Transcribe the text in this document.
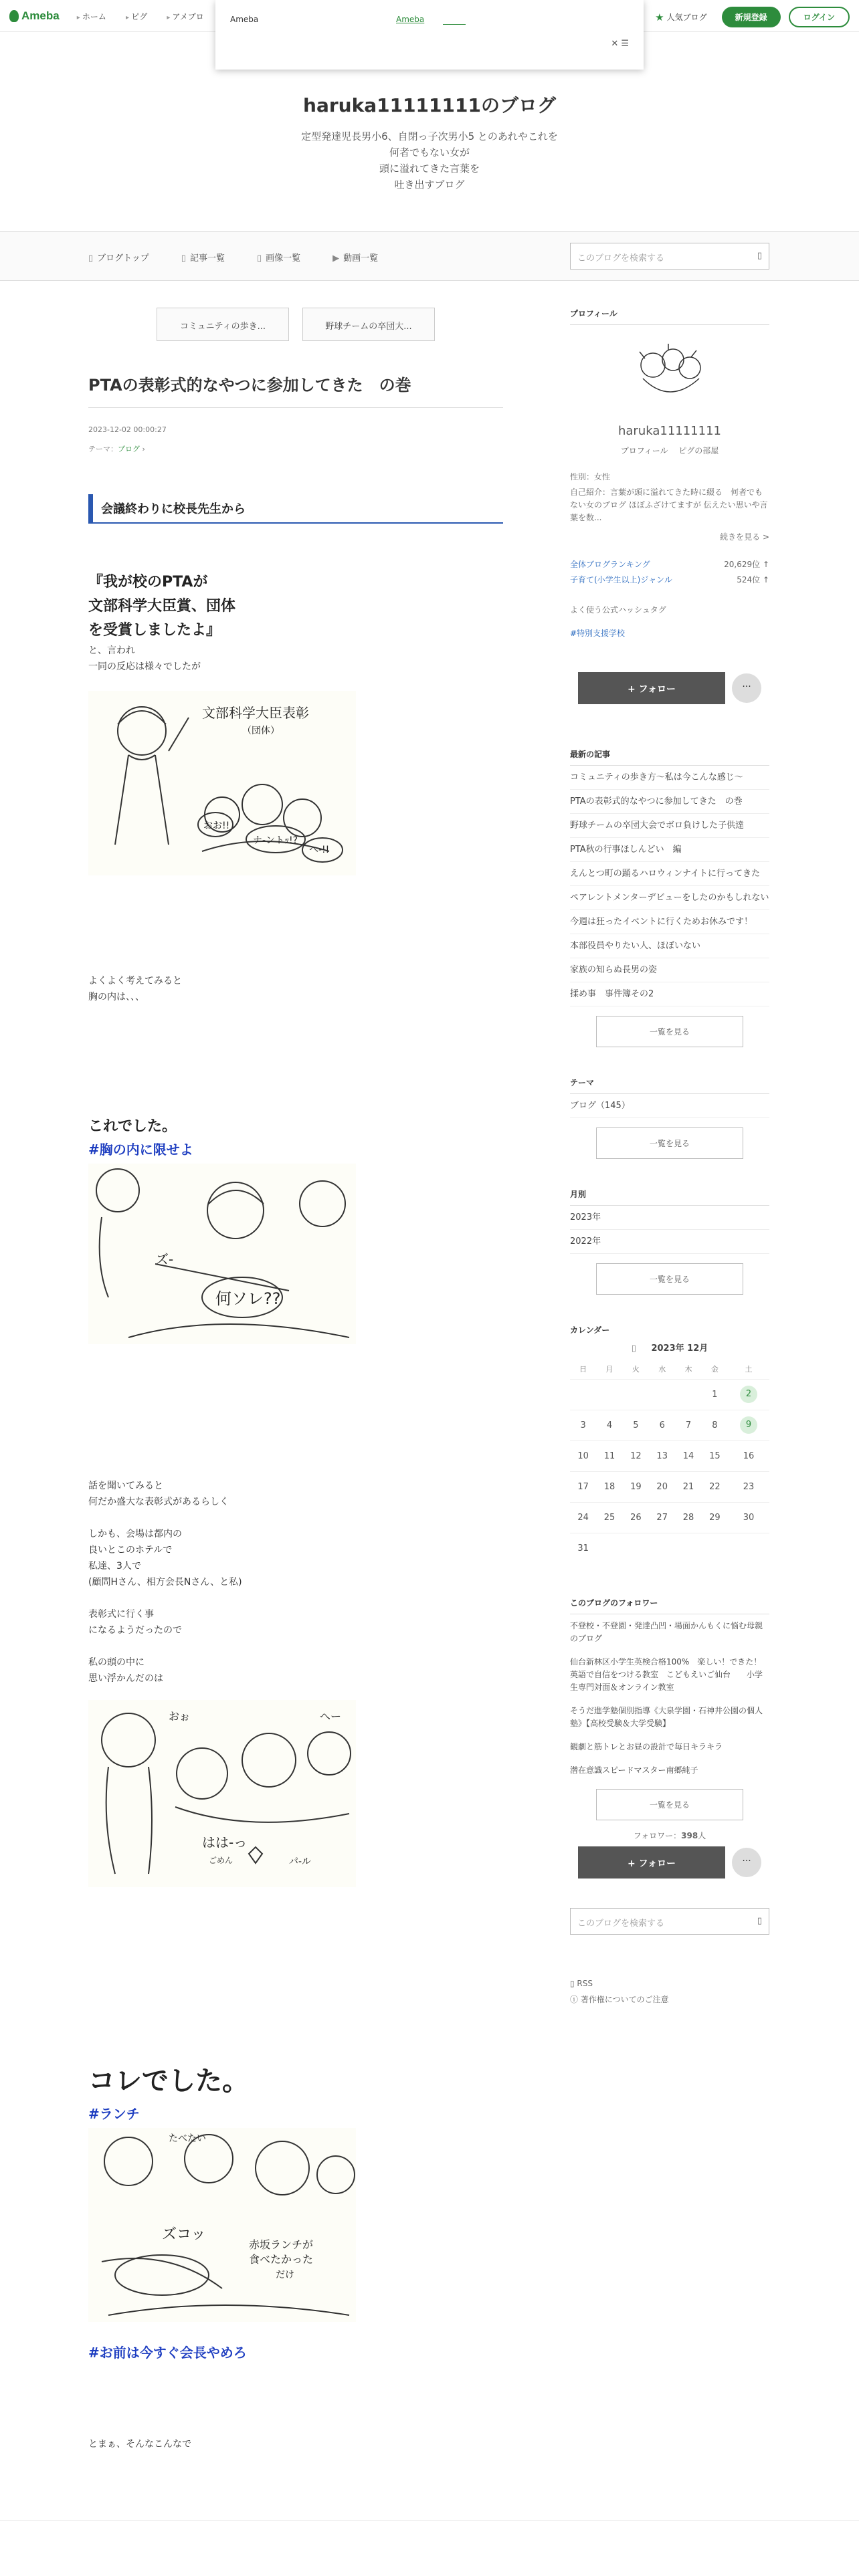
Ameba	▸ ホーム	▸ ピグ	▸ アメブロ	★ 人気ブログ	新規登録	ログイン
Ameba	Ameba
✕ ☰
haruka11111111のブログ
定型発達児長男小6、自閉っ子次男小5 とのあれやこれを
何者でもない女が
頭に溢れてきた言葉を
吐き出すブログ
▯ ブログトップ	▯ 記事一覧	▯ 画像一覧	▶ 動画一覧	このブログを検索する	▯
コミュニティの歩き...	野球チームの卒団大...
PTAの表彰式的なやつに参加してきた　の巻
2023-12-02 00:00:27
テーマ：ブログ ›
会議終わりに校長先生から
『我が校のPTAが
文部科学大臣賞、団体
を受賞しましたよ』
と、言われ
一同の反応は様々でしたが
文部科学大臣表彰
（団体）
おお!!
ナ-ントｯ!?
へ-!!
よくよく考えてみると
胸の内は、、、
これでした。
#胸の内に限せよ
ズ-
何ソレ??
話を聞いてみると
何だか盛大な表彰式があるらしく
しかも、会場は都内の
良いとこのホテルで
私達、3人で
(顧問Hさん、相方会長Nさん、と私)
表彰式に行く事
になるようだったので
私の頭の中に
思い浮かんだのは
おぉ	へー
はは-っ
ごめん	パ-ル
コレでした。
#ランチ
たべたい
ズコッ
赤坂ランチが
食べたかった
だけ
#お前は今すぐ会長やめろ
とまぁ、そんなこんなで
プロフィール
haruka11111111
プロフィール　 ピグの部屋
性別：女性
自己紹介：言葉が頭に溢れてきた時に綴る　何者でもない女のブログ ほぼふざけてますが 伝えたい思いや言葉を数...
続きを見る >
全体ブログランキング	20,629位 ↑
子育て(小学生以上)ジャンル	524位 ↑
よく使う公式ハッシュタグ
#特別支援学校
+ フォロー	···
最新の記事
コミュニティの歩き方〜私は今こんな感じ〜
PTAの表彰式的なやつに参加してきた　の巻
野球チームの卒団大会でボロ負けした子供達
PTA秋の行事ほしんどい　編
えんとつ町の踊るハロウィンナイトに行ってきた
ペアレントメンターデビューをしたのかもしれない
今週は狂ったイベントに行くためお休みです！
本部役員やりたい人、ほぼいない
家族の知らぬ長男の姿
揉め事　事件簿その2
一覧を見る
テーマ
ブログ（145）
一覧を見る
月別
2023年
2022年
一覧を見る
カレンダー
▯ 2023年 12月
日	月	火	水	木	金	土
					1	2
3	4	5	6	7	8	9
10	11	12	13	14	15	16
17	18	19	20	21	22	23
24	25	26	27	28	29	30
31						
このブログのフォロワー
不登校・不登園・発達凸凹・場面かんもくに悩む母親のブログ
仙台新林区小学生英検合格100%　楽しい！できた！英語で自信をつける教室　こどもえいご仙台　　小学生専門対面＆オンライン教室
そうだ進学塾個別指導《大泉学園・石神井公園の個人塾》【高校受験＆大学受験】
観劇と筋トレとお昼の設計で毎日キラキラ
潜在意識スピードマスター南郷純子
一覧を見る
フォロワー：398人
+ フォロー	···
このブログを検索する	▯
▯ RSS
ⓘ 著作権についてのご注意
